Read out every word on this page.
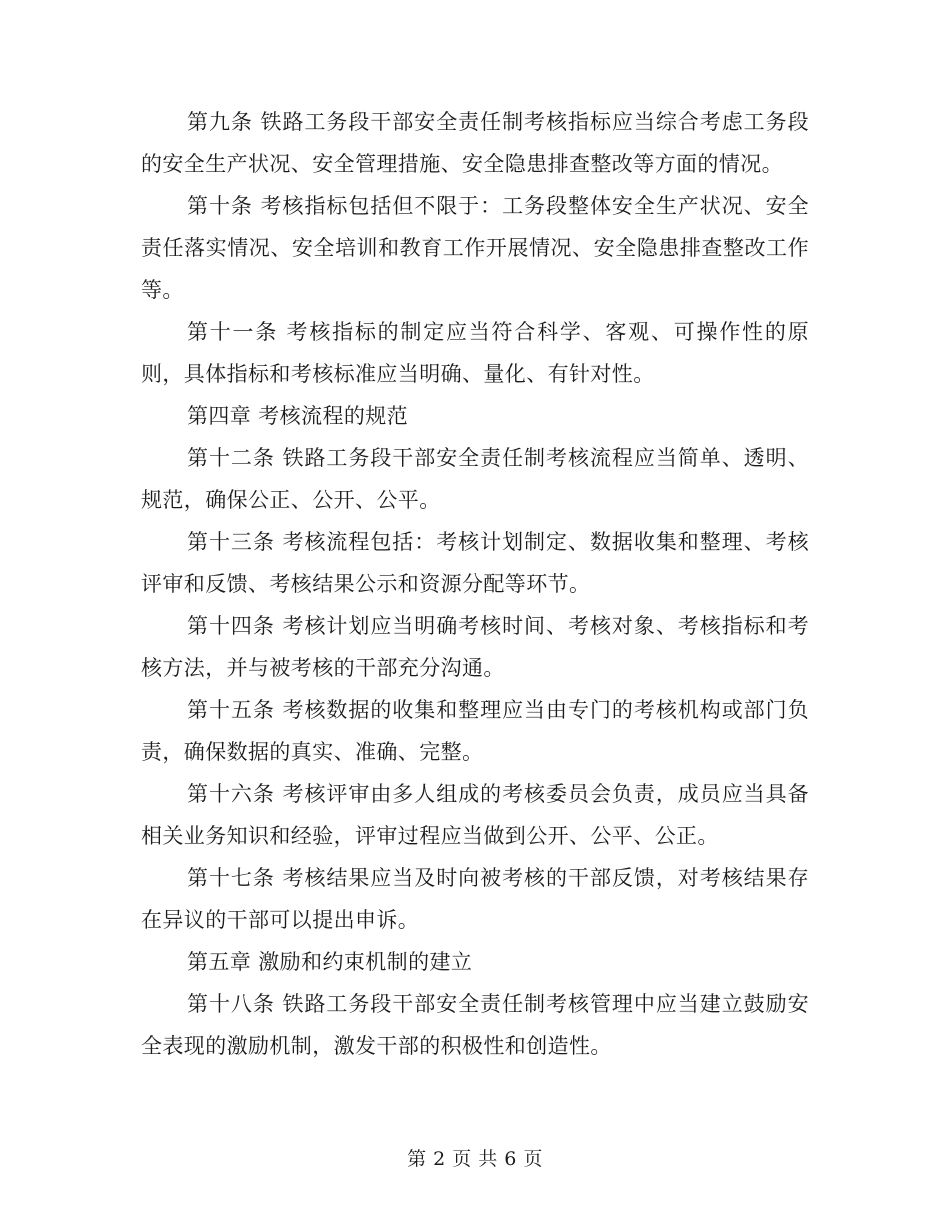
第九条 铁路工务段干部安全责任制考核指标应当综合考虑工务段的安全生产状况、安全管理措施、安全隐患排查整改等方面的情况。

第十条 考核指标包括但不限于：工务段整体安全生产状况、安全责任落实情况、安全培训和教育工作开展情况、安全隐患排查整改工作等。

第十一条 考核指标的制定应当符合科学、客观、可操作性的原则，具体指标和考核标准应当明确、量化、有针对性。

第四章 考核流程的规范

第十二条 铁路工务段干部安全责任制考核流程应当简单、透明、规范，确保公正、公开、公平。

第十三条 考核流程包括：考核计划制定、数据收集和整理、考核评审和反馈、考核结果公示和资源分配等环节。

第十四条 考核计划应当明确考核时间、考核对象、考核指标和考核方法，并与被考核的干部充分沟通。

第十五条 考核数据的收集和整理应当由专门的考核机构或部门负责，确保数据的真实、准确、完整。

第十六条 考核评审由多人组成的考核委员会负责，成员应当具备相关业务知识和经验，评审过程应当做到公开、公平、公正。

第十七条 考核结果应当及时向被考核的干部反馈，对考核结果存在异议的干部可以提出申诉。

第五章 激励和约束机制的建立

第十八条 铁路工务段干部安全责任制考核管理中应当建立鼓励安全表现的激励机制，激发干部的积极性和创造性。

第 2 页 共 6 页
